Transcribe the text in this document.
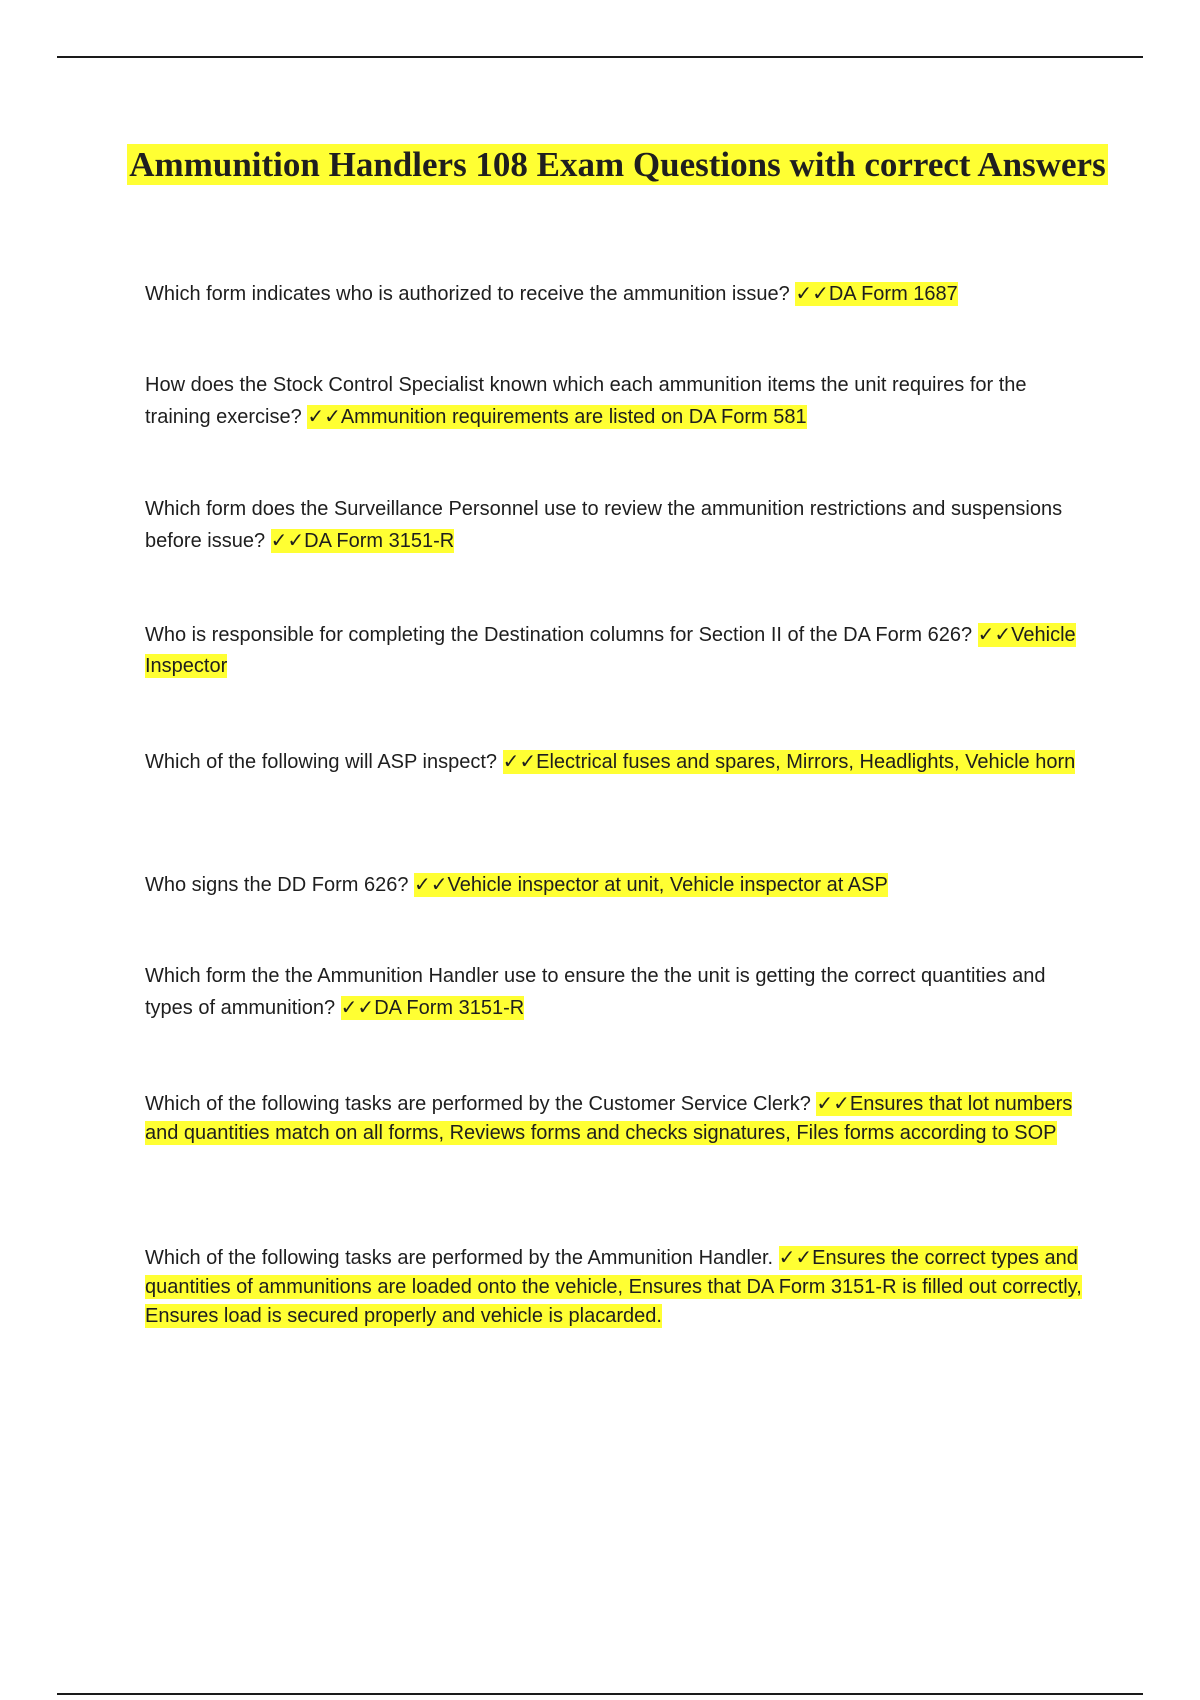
Ammunition Handlers 108 Exam Questions with correct Answers

Which form indicates who is authorized to receive the ammunition issue? ✓✓DA Form 1687

How does the Stock Control Specialist known which each ammunition items the unit requires for the training exercise? ✓✓Ammunition requirements are listed on DA Form 581

Which form does the Surveillance Personnel use to review the ammunition restrictions and suspensions before issue? ✓✓DA Form 3151-R

Who is responsible for completing the Destination columns for Section II of the DA Form 626? ✓✓Vehicle Inspector

Which of the following will ASP inspect? ✓✓Electrical fuses and spares, Mirrors, Headlights, Vehicle horn

Who signs the DD Form 626? ✓✓Vehicle inspector at unit, Vehicle inspector at ASP

Which form the the Ammunition Handler use to ensure the the unit is getting the correct quantities and types of ammunition? ✓✓DA Form 3151-R

Which of the following tasks are performed by the Customer Service Clerk? ✓✓Ensures that lot numbers and quantities match on all forms, Reviews forms and checks signatures, Files forms according to SOP

Which of the following tasks are performed by the Ammunition Handler. ✓✓Ensures the correct types and quantities of ammunitions are loaded onto the vehicle, Ensures that DA Form 3151-R is filled out correctly, Ensures load is secured properly and vehicle is placarded.
